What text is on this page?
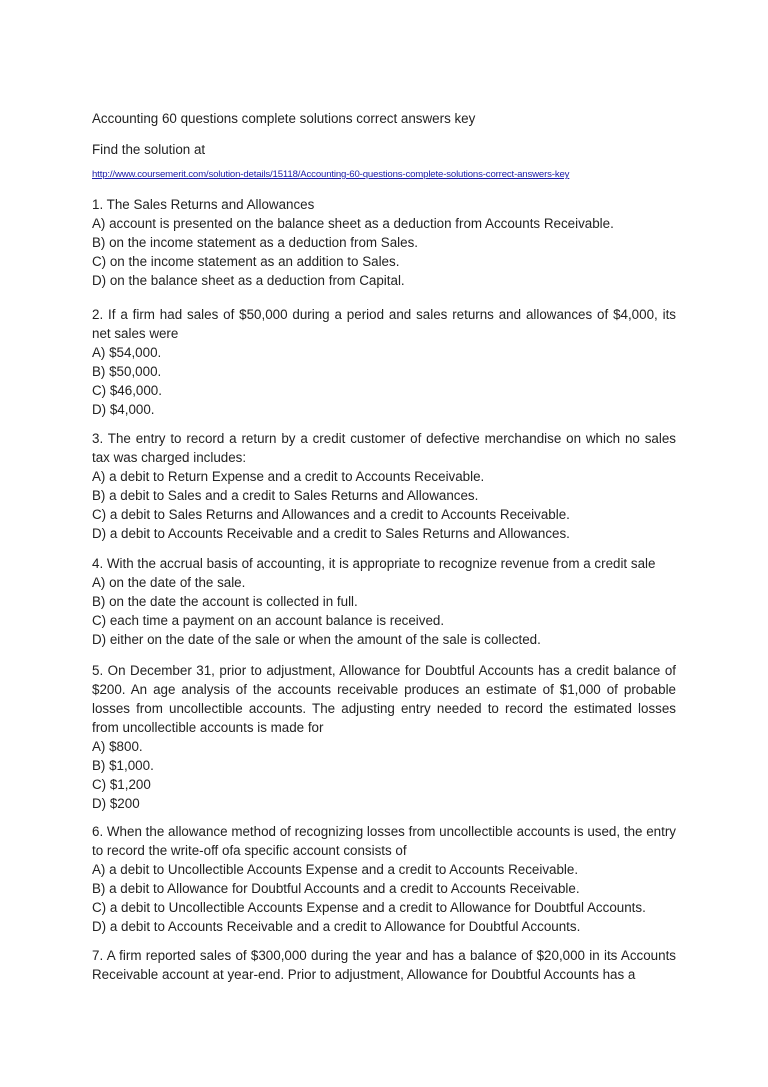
Accounting 60 questions complete solutions correct answers key
Find the solution at
http://www.coursemerit.com/solution-details/15118/Accounting-60-questions-complete-solutions-correct-answers-key

1. The Sales Returns and Allowances

A) account is presented on the balance sheet as a deduction from Accounts Receivable.

B) on the income statement as a deduction from Sales.

C) on the income statement as an addition to Sales.

D) on the balance sheet as a deduction from Capital.

2. If a firm had sales of $50,000 during a period and sales returns and allowances of $4,000, its net sales were

A) $54,000.

B) $50,000.

C) $46,000.

D) $4,000.

3. The entry to record a return by a credit customer of defective merchandise on which no sales tax was charged includes:

A) a debit to Return Expense and a credit to Accounts Receivable.

B) a debit to Sales and a credit to Sales Returns and Allowances.

C) a debit to Sales Returns and Allowances and a credit to Accounts Receivable.

D) a debit to Accounts Receivable and a credit to Sales Returns and Allowances.

4. With the accrual basis of accounting, it is appropriate to recognize revenue from a credit sale

A) on the date of the sale.

B) on the date the account is collected in full.

C) each time a payment on an account balance is received.

D) either on the date of the sale or when the amount of the sale is collected.

5. On December 31, prior to adjustment, Allowance for Doubtful Accounts has a credit balance of $200. An age analysis of the accounts receivable produces an estimate of $1,000 of probable losses from uncollectible accounts. The adjusting entry needed to record the estimated losses from uncollectible accounts is made for

A) $800.

B) $1,000.

C) $1,200

D) $200

6. When the allowance method of recognizing losses from uncollectible accounts is used, the entry to record the write-off ofa specific account consists of

A) a debit to Uncollectible Accounts Expense and a credit to Accounts Receivable.

B) a debit to Allowance for Doubtful Accounts and a credit to Accounts Receivable.

C) a debit to Uncollectible Accounts Expense and a credit to Allowance for Doubtful Accounts.

D) a debit to Accounts Receivable and a credit to Allowance for Doubtful Accounts.

7. A firm reported sales of $300,000 during the year and has a balance of $20,000 in its Accounts Receivable account at year-end. Prior to adjustment, Allowance for Doubtful Accounts has a
